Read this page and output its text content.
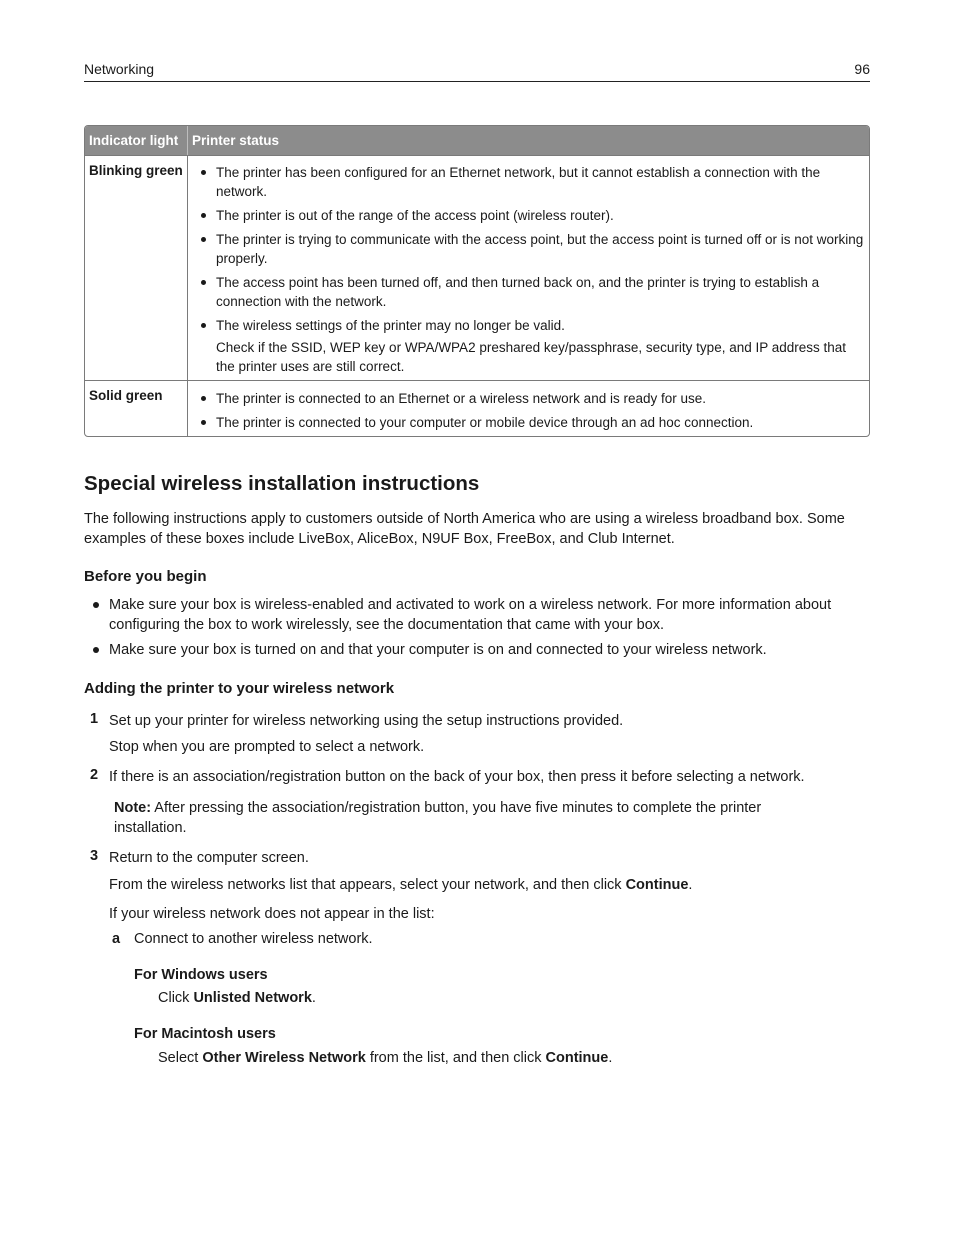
Networking	96
Indicator light	Printer status
Blinking green	The printer has been configured for an Ethernet network, but it cannot establish a connection with the network.
The printer is out of the range of the access point (wireless router).
The printer is trying to communicate with the access point, but the access point is turned off or is not working properly.
The access point has been turned off, and then turned back on, and the printer is trying to establish a connection with the network.
The wireless settings of the printer may no longer be valid.
Check if the SSID, WEP key or WPA/WPA2 preshared key/passphrase, security type, and IP address that the printer uses are still correct.
Solid green	The printer is connected to an Ethernet or a wireless network and is ready for use.
The printer is connected to your computer or mobile device through an ad hoc connection.
Special wireless installation instructions
The following instructions apply to customers outside of North America who are using a wireless broadband box. Some examples of these boxes include LiveBox, AliceBox, N9UF Box, FreeBox, and Club Internet.
Before you begin
Make sure your box is wireless-enabled and activated to work on a wireless network. For more information about configuring the box to work wirelessly, see the documentation that came with your box.
Make sure your box is turned on and that your computer is on and connected to your wireless network.
Adding the printer to your wireless network
1 Set up your printer for wireless networking using the setup instructions provided.
Stop when you are prompted to select a network.
2 If there is an association/registration button on the back of your box, then press it before selecting a network.
Note: After pressing the association/registration button, you have five minutes to complete the printer installation.
3 Return to the computer screen.
From the wireless networks list that appears, select your network, and then click Continue.
If your wireless network does not appear in the list:
a Connect to another wireless network.
For Windows users
Click Unlisted Network.
For Macintosh users
Select Other Wireless Network from the list, and then click Continue.
